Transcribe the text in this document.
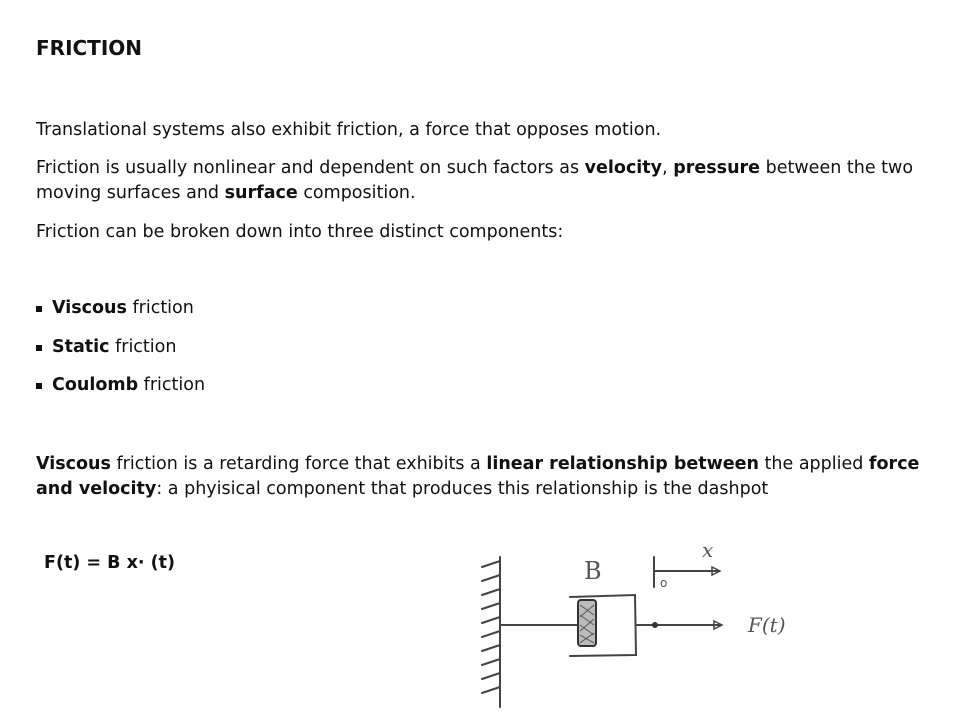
FRICTION

Translational systems also exhibit friction, a force that opposes motion.

Friction is usually nonlinear and dependent on such factors as velocity, pressure between the two moving surfaces and surface composition.

Friction can be broken down into three distinct components:

Viscous friction
Static friction
Coulomb friction

Viscous friction is a retarding force that exhibits a linear relationship between the applied force and velocity: a phyisical component that produces this relationship is the dashpot

F(t) = B x· (t)	B
x
o
F(t)
